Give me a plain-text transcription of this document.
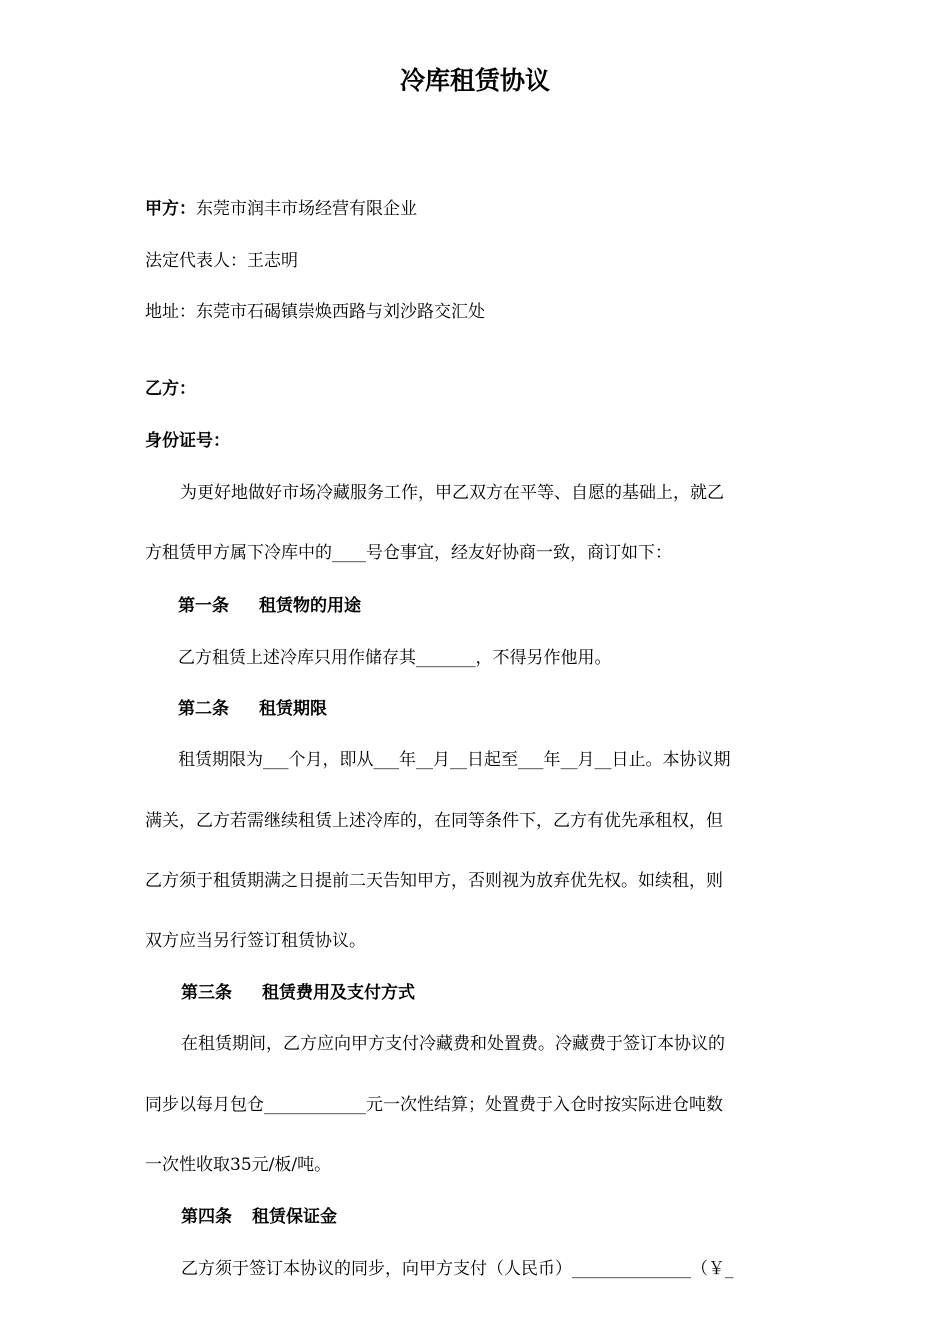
冷库租赁协议
甲方：东莞市润丰市场经营有限企业
法定代表人：王志明
地址：东莞市石碣镇崇焕西路与刘沙路交汇处
乙方：
身份证号：
为更好地做好市场冷藏服务工作，甲乙双方在平等、自愿的基础上，就乙
方租赁甲方属下冷库中的____号仓事宜，经友好协商一致，商订如下：
第一条 租赁物的用途
乙方租赁上述冷库只用作储存其_______，不得另作他用。
第二条 租赁期限
租赁期限为___个月，即从___年__月__日起至___年__月__日止。本协议期
满关，乙方若需继续租赁上述冷库的，在同等条件下，乙方有优先承租权，但
乙方须于租赁期满之日提前二天告知甲方，否则视为放弃优先权。如续租，则
双方应当另行签订租赁协议。
第三条 租赁费用及支付方式
在租赁期间，乙方应向甲方支付冷藏费和处置费。冷藏费于签订本协议的
同步以每月包仓____________元一次性结算；处置费于入仓时按实际进仓吨数
一次性收取35元/板/吨。
第四条 租赁保证金
乙方须于签订本协议的同步，向甲方支付（人民币）______________（￥_
